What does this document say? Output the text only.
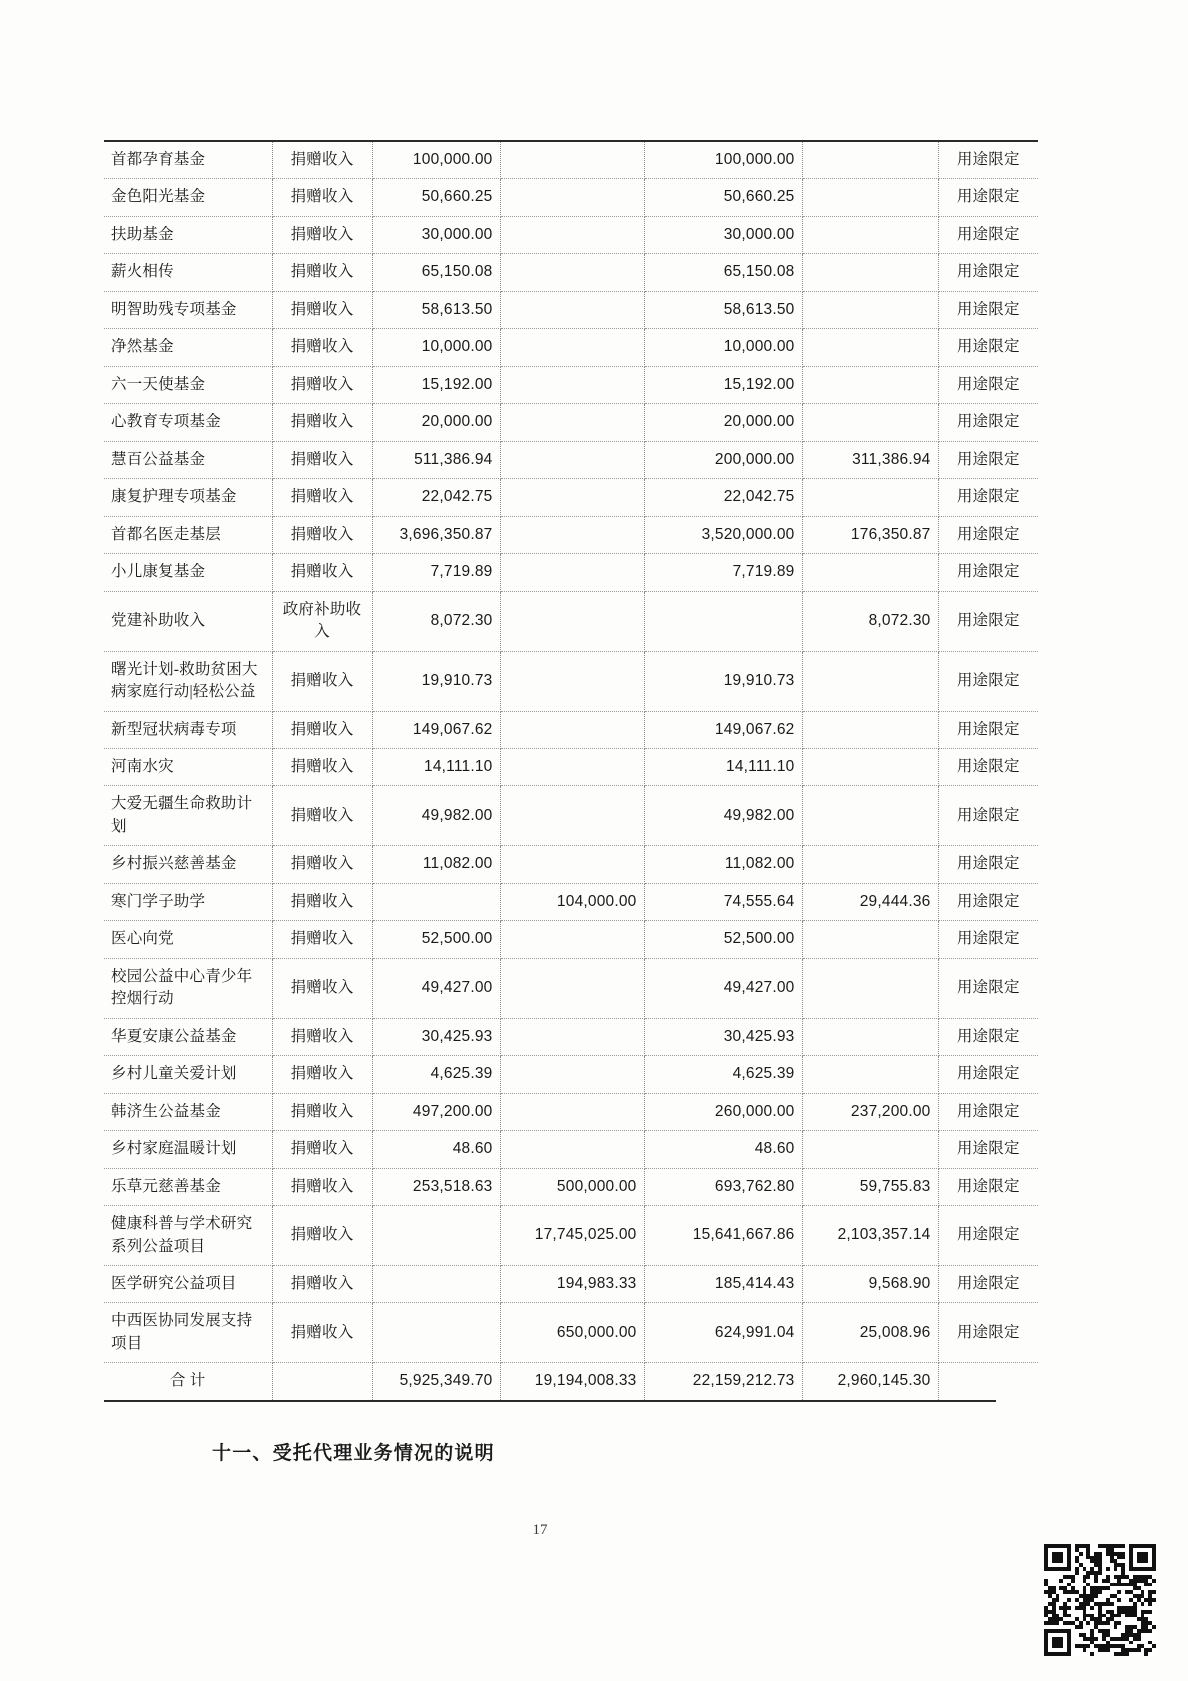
首都孕育基金	捐赠收入	100,000.00		100,000.00		用途限定
金色阳光基金	捐赠收入	50,660.25		50,660.25		用途限定
扶助基金	捐赠收入	30,000.00		30,000.00		用途限定
薪火相传	捐赠收入	65,150.08		65,150.08		用途限定
明智助残专项基金	捐赠收入	58,613.50		58,613.50		用途限定
净然基金	捐赠收入	10,000.00		10,000.00		用途限定
六一天使基金	捐赠收入	15,192.00		15,192.00		用途限定
心教育专项基金	捐赠收入	20,000.00		20,000.00		用途限定
慧百公益基金	捐赠收入	511,386.94		200,000.00	311,386.94	用途限定
康复护理专项基金	捐赠收入	22,042.75		22,042.75		用途限定
首都名医走基层	捐赠收入	3,696,350.87		3,520,000.00	176,350.87	用途限定
小儿康复基金	捐赠收入	7,719.89		7,719.89		用途限定
党建补助收入	政府补助收入	8,072.30			8,072.30	用途限定
曙光计划-救助贫困大病家庭行动|轻松公益	捐赠收入	19,910.73		19,910.73		用途限定
新型冠状病毒专项	捐赠收入	149,067.62		149,067.62		用途限定
河南水灾	捐赠收入	14,111.10		14,111.10		用途限定
大爱无疆生命救助计划	捐赠收入	49,982.00		49,982.00		用途限定
乡村振兴慈善基金	捐赠收入	11,082.00		11,082.00		用途限定
寒门学子助学	捐赠收入		104,000.00	74,555.64	29,444.36	用途限定
医心向党	捐赠收入	52,500.00		52,500.00		用途限定
校园公益中心青少年控烟行动	捐赠收入	49,427.00		49,427.00		用途限定
华夏安康公益基金	捐赠收入	30,425.93		30,425.93		用途限定
乡村儿童关爱计划	捐赠收入	4,625.39		4,625.39		用途限定
韩济生公益基金	捐赠收入	497,200.00		260,000.00	237,200.00	用途限定
乡村家庭温暖计划	捐赠收入	48.60		48.60		用途限定
乐草元慈善基金	捐赠收入	253,518.63	500,000.00	693,762.80	59,755.83	用途限定
健康科普与学术研究系列公益项目	捐赠收入		17,745,025.00	15,641,667.86	2,103,357.14	用途限定
医学研究公益项目	捐赠收入		194,983.33	185,414.43	9,568.90	用途限定
中西医协同发展支持项目	捐赠收入		650,000.00	624,991.04	25,008.96	用途限定
合 计		5,925,349.70	19,194,008.33	22,159,212.73	2,960,145.30	
十一、受托代理业务情况的说明
17
